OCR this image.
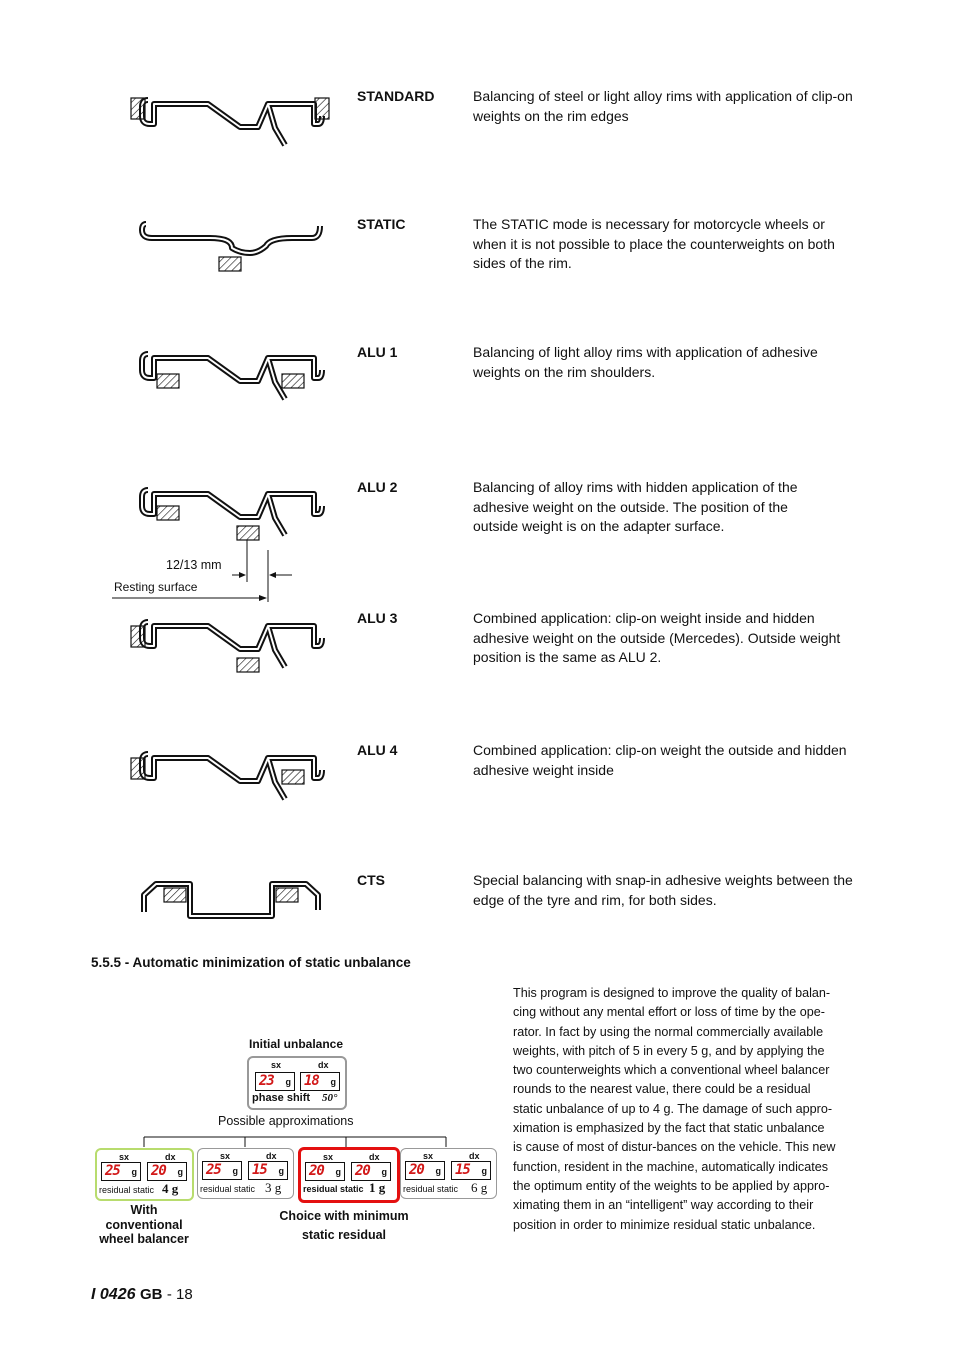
12/13 mm
Resting surface
STANDARD	Balancing of steel or light alloy rims with application of clip-on weights on the rim edges
STATIC	The STATIC mode is necessary for motorcycle wheels or when it is not possible to place the counterweights on both sides of the rim.
ALU 1	Balancing of light alloy rims with application of adhesive weights on the rim shoulders.
ALU 2	Balancing of alloy rims with hidden application of the adhesive weight on the outside. The position of the outside weight is on the adapter surface.
ALU 3	Combined application: clip-on weight inside and hidden adhesive weight on the outside (Mercedes). Outside weight position is the same as ALU 2.
ALU 4	Combined application: clip-on weight the outside and hidden adhesive weight inside
CTS	Special balancing with snap-in adhesive weights between the edge of the tyre and rim, for both sides.
5.5.5 - Automatic minimization of static unbalance
This program is designed to improve the quality of balan-
cing without any mental effort or loss of time by the ope-
rator. In fact by using the normal commercially available
weights, with pitch of 5 in every 5 g, and by applying the
two counterweights which a conventional wheel balancer
rounds to the nearest value, there could be a residual
static unbalance of up to 4 g. The damage of such appro-
ximation is emphasized by the fact that static unbalance
is cause of most of distur-bances on the vehicle. This new
function, resident in the machine, automatically indicates
the optimum entity of the weights to be applied by appro-
ximating them in an “intelligent” way according to their
position in order to minimize residual static unbalance.
Initial unbalance
sx	dx
23 g 18 g
phase shift 50°
Possible approximations
sx	dx
25 g 20 g
residual static 4 g
sx	dx
25 g 15 g
residual static 3 g
sx	dx
20 g 20 g
residual static 1 g
sx	dx
20 g 15 g
residual static 6 g
With
conventional
wheel balancer
Choice with minimum
static residual
I 0426 GB - 18
